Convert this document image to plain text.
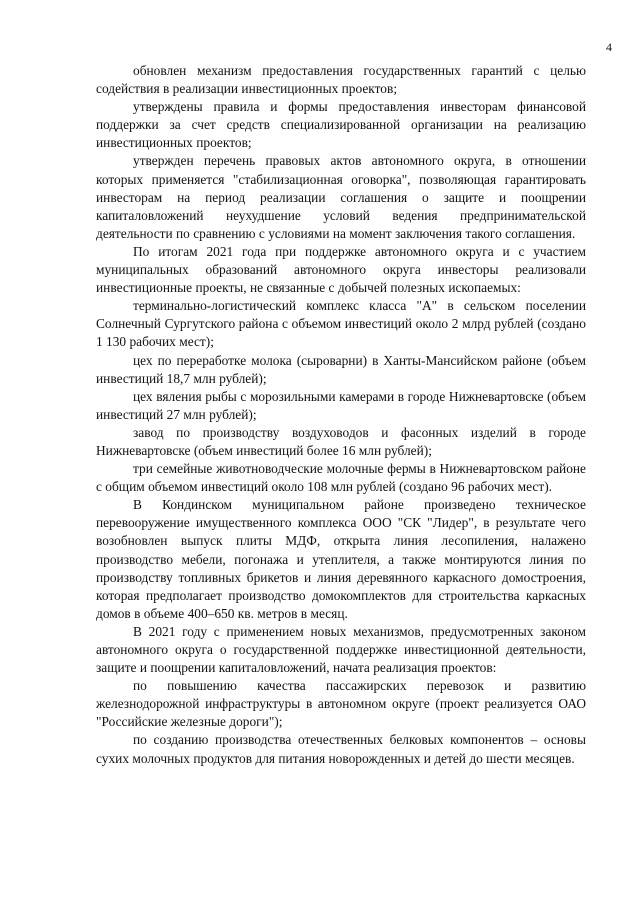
4

обновлен механизм предоставления государственных гарантий с целью содействия в реализации инвестиционных проектов;

утверждены правила и формы предоставления инвесторам финансовой поддержки за счет средств специализированной организации на реализацию инвестиционных проектов;

утвержден перечень правовых актов автономного округа, в отношении которых применяется "стабилизационная оговорка", позволяющая гарантировать инвесторам на период реализации соглашения о защите и поощрении капиталовложений неухудшение условий ведения предпринимательской деятельности по сравнению с условиями на момент заключения такого соглашения.

По итогам 2021 года при поддержке автономного округа и с участием муниципальных образований автономного округа инвесторы реализовали инвестиционные проекты, не связанные с добычей полезных ископаемых:

терминально-логистический комплекс класса "А" в сельском поселении Солнечный Сургутского района с объемом инвестиций около 2 млрд рублей (создано 1 130 рабочих мест);

цех по переработке молока (сыроварни) в Ханты-Мансийском районе (объем инвестиций 18,7 млн рублей);

цех вяления рыбы с морозильными камерами в городе Нижневартовске (объем инвестиций 27 млн рублей);

завод по производству воздуховодов и фасонных изделий в городе Нижневартовске (объем инвестиций более 16 млн рублей);

три семейные животноводческие молочные фермы в Нижневартовском районе с общим объемом инвестиций около 108 млн рублей (создано 96 рабочих мест).

В Кондинском муниципальном районе произведено техническое перевооружение имущественного комплекса ООО "СК "Лидер", в результате чего возобновлен выпуск плиты МДФ, открыта линия лесопиления, налажено производство мебели, погонажа и утеплителя, а также монтируются линия по производству топливных брикетов и линия деревянного каркасного домостроения, которая предполагает производство домокомплектов для строительства каркасных домов в объеме 400–650 кв. метров в месяц.

В 2021 году с применением новых механизмов, предусмотренных законом автономного округа о государственной поддержке инвестиционной деятельности, защите и поощрении капиталовложений, начата реализация проектов:

по повышению качества пассажирских перевозок и развитию железнодорожной инфраструктуры в автономном округе (проект реализуется ОАО "Российские железные дороги");

по созданию производства отечественных белковых компонентов – основы сухих молочных продуктов для питания новорожденных и детей до шести месяцев.
